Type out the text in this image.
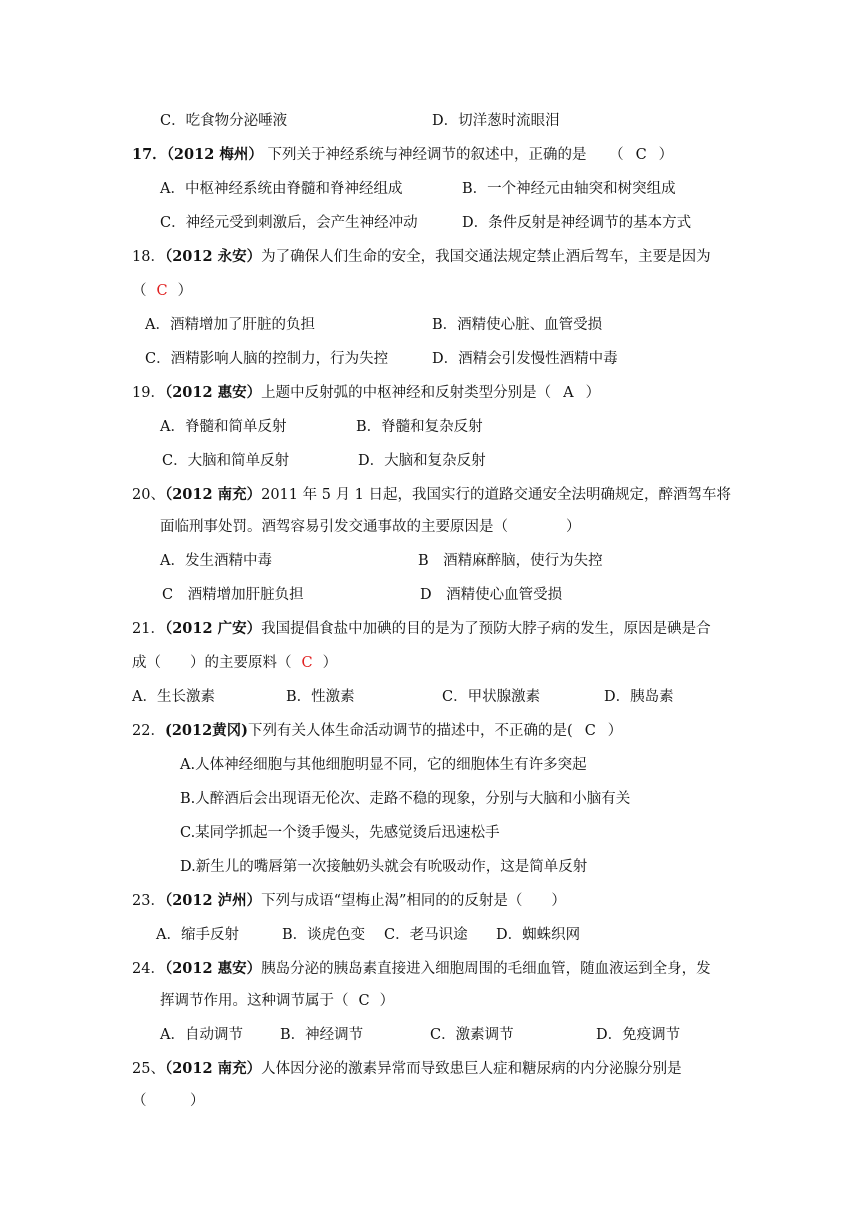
C．吃食物分泌唾液	D．切洋葱时流眼泪
17．（2012 梅州） 下列关于神经系统与神经调节的叙述中，正确的是 （ C ）
A．中枢神经系统由脊髓和脊神经组成	B．一个神经元由轴突和树突组成
C．神经元受到刺激后，会产生神经冲动	D．条件反射是神经调节的基本方式
18．（2012 永安）为了确保人们生命的安全，我国交通法规定禁止酒后驾车，主要是因为
（ C ）
A．酒精增加了肝脏的负担	B．酒精使心脏、血管受损
C．酒精影响人脑的控制力，行为失控	D．酒精会引发慢性酒精中毒
19．（2012 惠安）上题中反射弧的中枢神经和反射类型分别是（ A ）
A．脊髓和简单反射	B．脊髓和复杂反射
C．大脑和简单反射	D．大脑和复杂反射
20、（2012 南充）2011 年 5 月 1 日起，我国实行的道路交通安全法明确规定，醉酒驾车将
面临刑事处罚。酒驾容易引发交通事故的主要原因是（　　　　）
A．发生酒精中毒	B　酒精麻醉脑，使行为失控
C　酒精增加肝脏负担	D　酒精使心血管受损
21．（2012 广安）我国提倡食盐中加碘的目的是为了预防大脖子病的发生，原因是碘是合
成（　　）的主要原料（ C ）
A．生长激素	B．性激素	C．甲状腺激素	D．胰岛素
22．(2012黄冈)下列有关人体生命活动调节的描述中，不正确的是( C ）
A.人体神经细胞与其他细胞明显不同，它的细胞体生有许多突起
B.人醉酒后会出现语无伦次、走路不稳的现象，分别与大脑和小脑有关
C.某同学抓起一个烫手馒头，先感觉烫后迅速松手
D.新生儿的嘴唇第一次接触奶头就会有吮吸动作，这是简单反射
23．（2012 泸州）下列与成语“望梅止渴”相同的的反射是（　　）
A．缩手反射	B．谈虎色变 C．老马识途 D．蜘蛛织网
24．（2012 惠安）胰岛分泌的胰岛素直接进入细胞周围的毛细血管，随血液运到全身，发
挥调节作用。这种调节属于（ C ）
A．自动调节	B．神经调节	C．激素调节	D．免疫调节
25、（2012 南充）人体因分泌的激素异常而导致患巨人症和糖尿病的内分泌腺分别是
（　　　）
